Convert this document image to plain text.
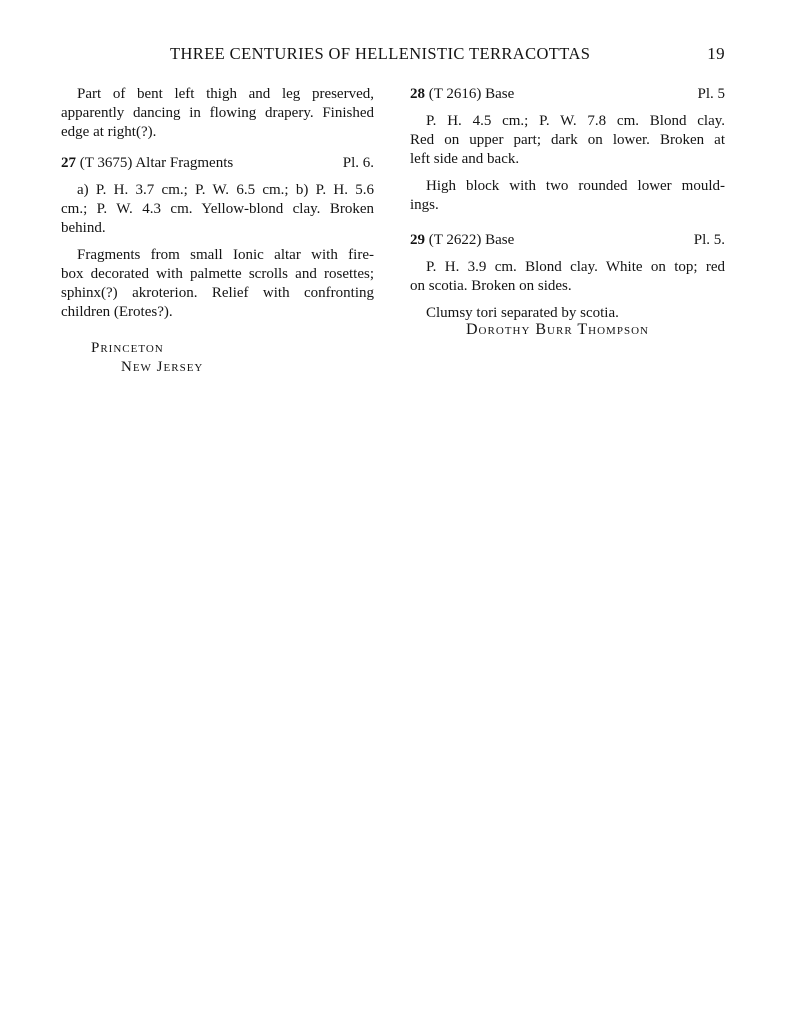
THREE CENTURIES OF HELLENISTIC TERRACOTTAS	19

Part of bent left thigh and leg preserved,
apparently dancing in flowing drapery. Finished
edge at right(?).

27 (T 3675) Altar Fragments	Pl. 6.

a) P. H. 3.7 cm.; P. W. 6.5 cm.; b) P. H. 5.6
cm.; P. W. 4.3 cm. Yellow-blond clay. Broken
behind.

Fragments from small Ionic altar with fire-
box decorated with palmette scrolls and rosettes;
sphinx(?) akroterion. Relief with confronting
children (Erotes?).

Princeton
New Jersey
28 (T 2616) Base	Pl. 5

P. H. 4.5 cm.; P. W. 7.8 cm. Blond clay.
Red on upper part; dark on lower. Broken at
left side and back.

High block with two rounded lower mould-
ings.

29 (T 2622) Base	Pl. 5.

P. H. 3.9 cm. Blond clay. White on top; red
on scotia. Broken on sides.

Clumsy tori separated by scotia.

Dorothy Burr Thompson
